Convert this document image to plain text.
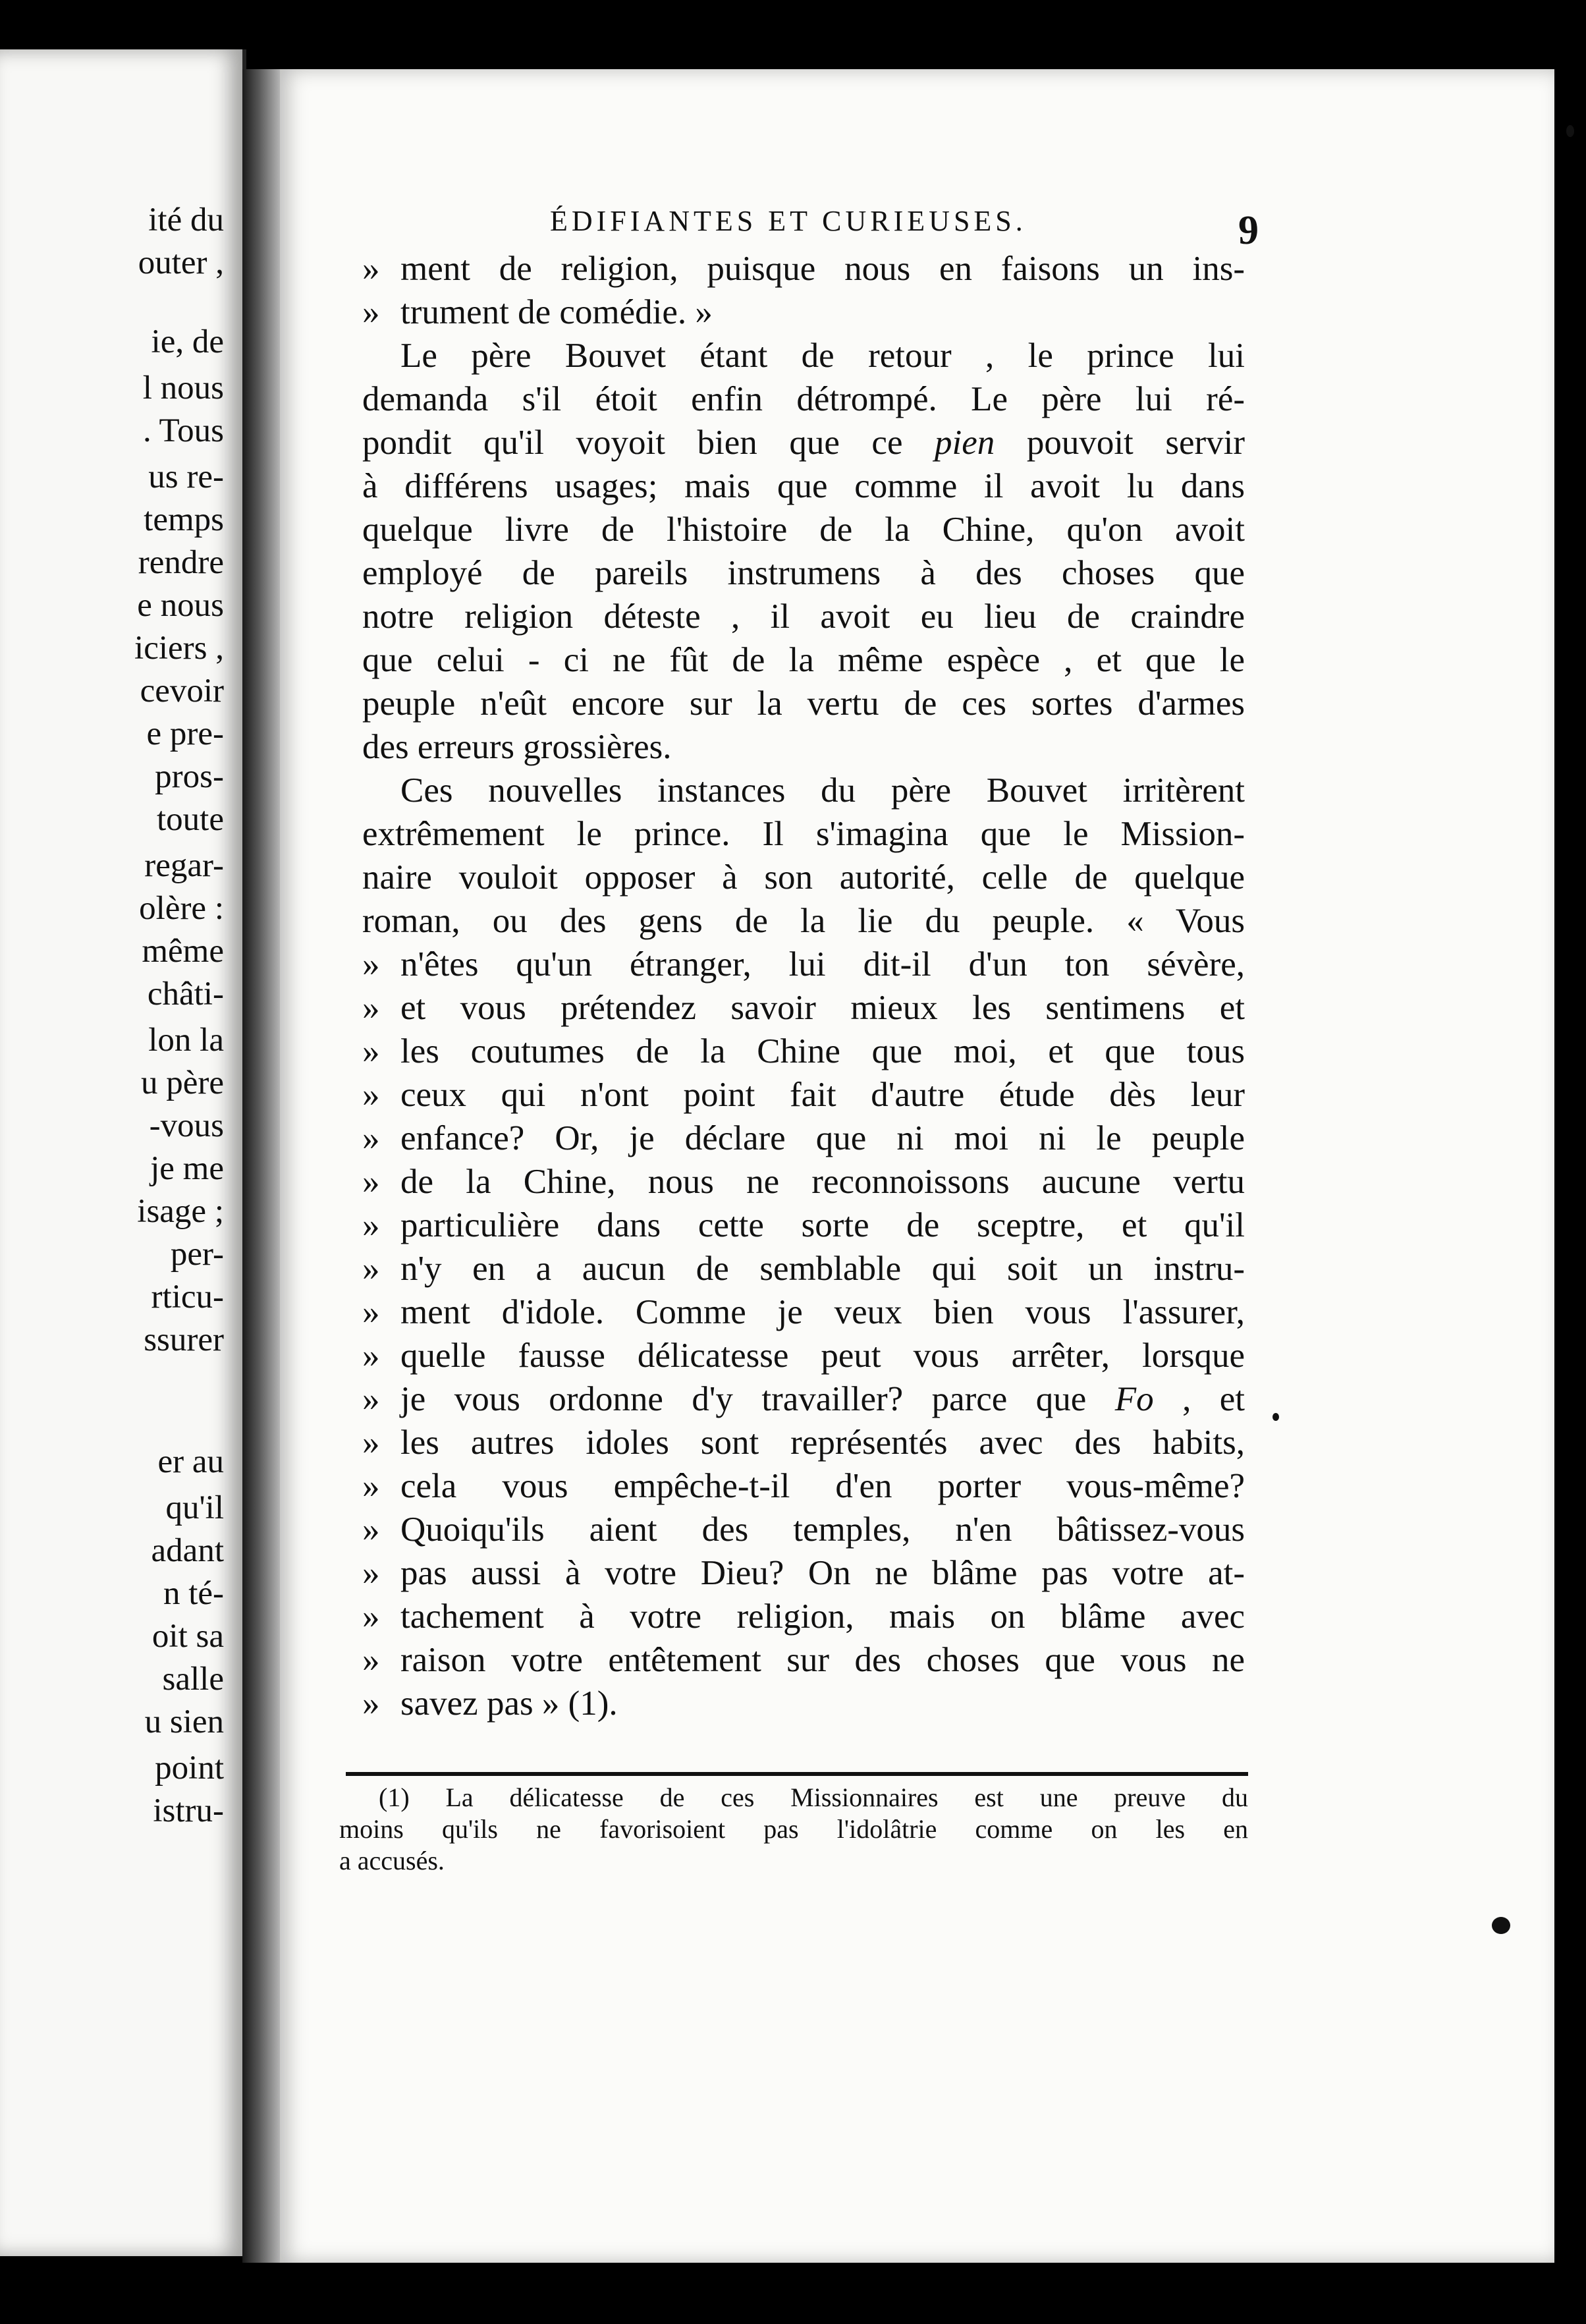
ité du
outer ,
ie, de
l nous
. Tous
us re-
temps
rendre
e nous
iciers ,
cevoir
e pre-
pros-
toute
regar-
olère :
même
châti-
lon la
u père
-vous
je me
isage ;
per-
rticu-
ssurer
er au
qu'il
adant
n té-
oit sa
salle
u sien
point
istru-
ÉDIFIANTES ET CURIEUSES.	9
» ment de religion, puisque nous en faisons un ins-
» trument de comédie. »
Le père Bouvet étant de retour , le prince lui
demanda s'il étoit enfin détrompé. Le père lui ré-
pondit qu'il voyoit bien que ce pien pouvoit servir
à différens usages; mais que comme il avoit lu dans
quelque livre de l'histoire de la Chine, qu'on avoit
employé de pareils instrumens à des choses que
notre religion déteste , il avoit eu lieu de craindre
que celui - ci ne fût de la même espèce , et que le
peuple n'eût encore sur la vertu de ces sortes d'armes
des erreurs grossières.
Ces nouvelles instances du père Bouvet irritèrent
extrêmement le prince. Il s'imagina que le Mission-
naire vouloit opposer à son autorité, celle de quelque
roman, ou des gens de la lie du peuple. « Vous
» n'êtes qu'un étranger, lui dit-il d'un ton sévère,
» et vous prétendez savoir mieux les sentimens et
» les coutumes de la Chine que moi, et que tous
» ceux qui n'ont point fait d'autre étude dès leur
» enfance? Or, je déclare que ni moi ni le peuple
» de la Chine, nous ne reconnoissons aucune vertu
» particulière dans cette sorte de sceptre, et qu'il
» n'y en a aucun de semblable qui soit un instru-
» ment d'idole. Comme je veux bien vous l'assurer,
» quelle fausse délicatesse peut vous arrêter, lorsque
» je vous ordonne d'y travailler? parce que Fo , et
» les autres idoles sont représentés avec des habits,
» cela vous empêche-t-il d'en porter vous-même?
» Quoiqu'ils aient des temples, n'en bâtissez-vous
» pas aussi à votre Dieu? On ne blâme pas votre at-
» tachement à votre religion, mais on blâme avec
» raison votre entêtement sur des choses que vous ne
» savez pas » (1).
(1) La délicatesse de ces Missionnaires est une preuve du
moins qu'ils ne favorisoient pas l'idolâtrie comme on les en
a accusés.
